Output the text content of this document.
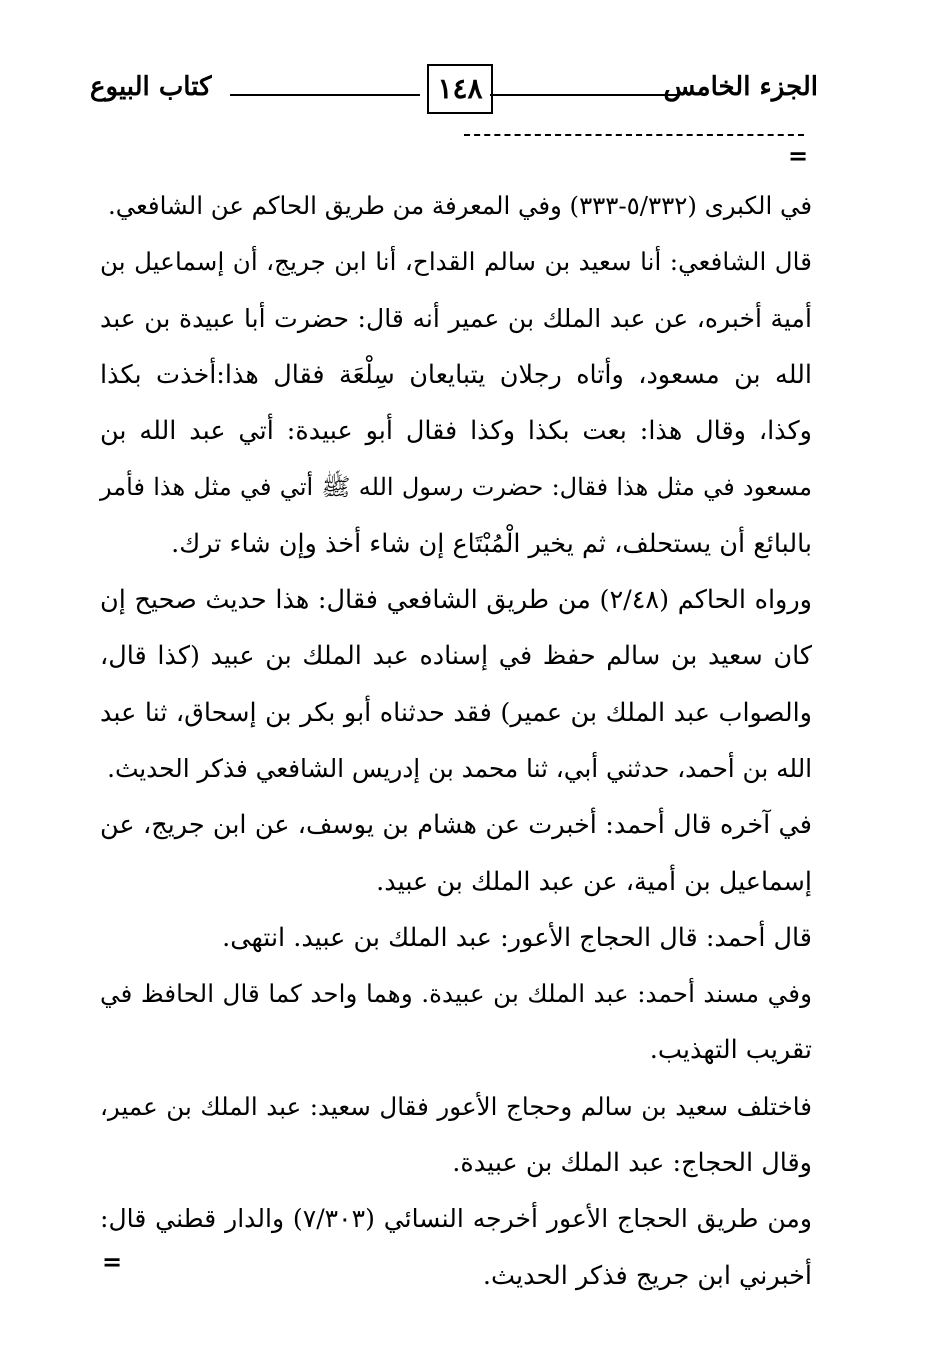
الجزء الخامس
١٤٨
كتاب البيوع
=
في الكبرى (٥/٣٣٢-٣٣٣) وفي المعرفة من طريق الحاكم عن الشافعي.
قال الشافعي: أنا سعيد بن سالم القداح، أنا ابن جريج، أن إسماعيل بن
أمية أخبره، عن عبد الملك بن عمير أنه قال: حضرت أبا عبيدة بن عبد
الله بن مسعود، وأتاه رجلان يتبايعان سِلْعَة فقال هذا:أخذت بكذا
وكذا، وقال هذا: بعت بكذا وكذا فقال أبو عبيدة: أتي عبد الله بن
مسعود في مثل هذا فقال: حضرت رسول الله ﷺ أتي في مثل هذا فأمر
بالبائع أن يستحلف، ثم يخير الْمُبْتَاع إن شاء أخذ وإن شاء ترك.
ورواه الحاكم (٢/٤٨) من طريق الشافعي فقال: هذا حديث صحيح إن
كان سعيد بن سالم حفظ في إسناده عبد الملك بن عبيد (كذا قال،
والصواب عبد الملك بن عمير) فقد حدثناه أبو بكر بن إسحاق، ثنا عبد
الله بن أحمد، حدثني أبي، ثنا محمد بن إدريس الشافعي فذكر الحديث.
في آخره قال أحمد: أخبرت عن هشام بن يوسف، عن ابن جريج، عن
إسماعيل بن أمية، عن عبد الملك بن عبيد.
قال أحمد: قال الحجاج الأعور: عبد الملك بن عبيد. انتهى.
وفي مسند أحمد: عبد الملك بن عبيدة. وهما واحد كما قال الحافظ في
تقريب التهذيب.
فاختلف سعيد بن سالم وحجاج الأعور فقال سعيد: عبد الملك بن عمير،
وقال الحجاج: عبد الملك بن عبيدة.
ومن طريق الحجاج الأعور أخرجه النسائي (٧/٣٠٣) والدار قطني قال:
أخبرني ابن جريج فذكر الحديث.
=
